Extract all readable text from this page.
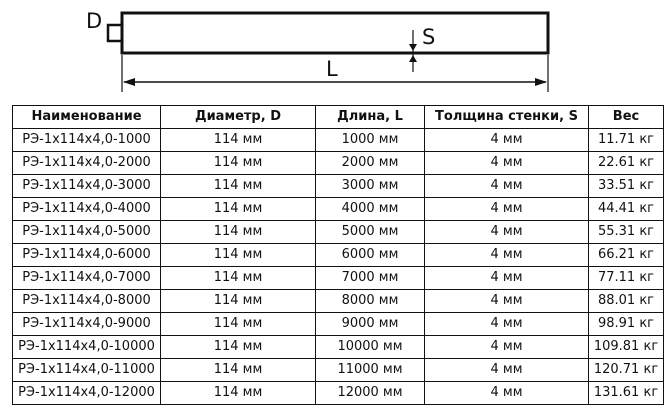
D
S
L
Наименование	Диаметр, D	Длина, L	Толщина стенки, S	Вес
РЭ-1х114х4,0-1000	114 мм	1000 мм	4 мм	11.71 кг
РЭ-1х114х4,0-2000	114 мм	2000 мм	4 мм	22.61 кг
РЭ-1х114х4,0-3000	114 мм	3000 мм	4 мм	33.51 кг
РЭ-1х114х4,0-4000	114 мм	4000 мм	4 мм	44.41 кг
РЭ-1х114х4,0-5000	114 мм	5000 мм	4 мм	55.31 кг
РЭ-1х114х4,0-6000	114 мм	6000 мм	4 мм	66.21 кг
РЭ-1х114х4,0-7000	114 мм	7000 мм	4 мм	77.11 кг
РЭ-1х114х4,0-8000	114 мм	8000 мм	4 мм	88.01 кг
РЭ-1х114х4,0-9000	114 мм	9000 мм	4 мм	98.91 кг
РЭ-1х114х4,0-10000	114 мм	10000 мм	4 мм	109.81 кг
РЭ-1х114х4,0-11000	114 мм	11000 мм	4 мм	120.71 кг
РЭ-1х114х4,0-12000	114 мм	12000 мм	4 мм	131.61 кг
